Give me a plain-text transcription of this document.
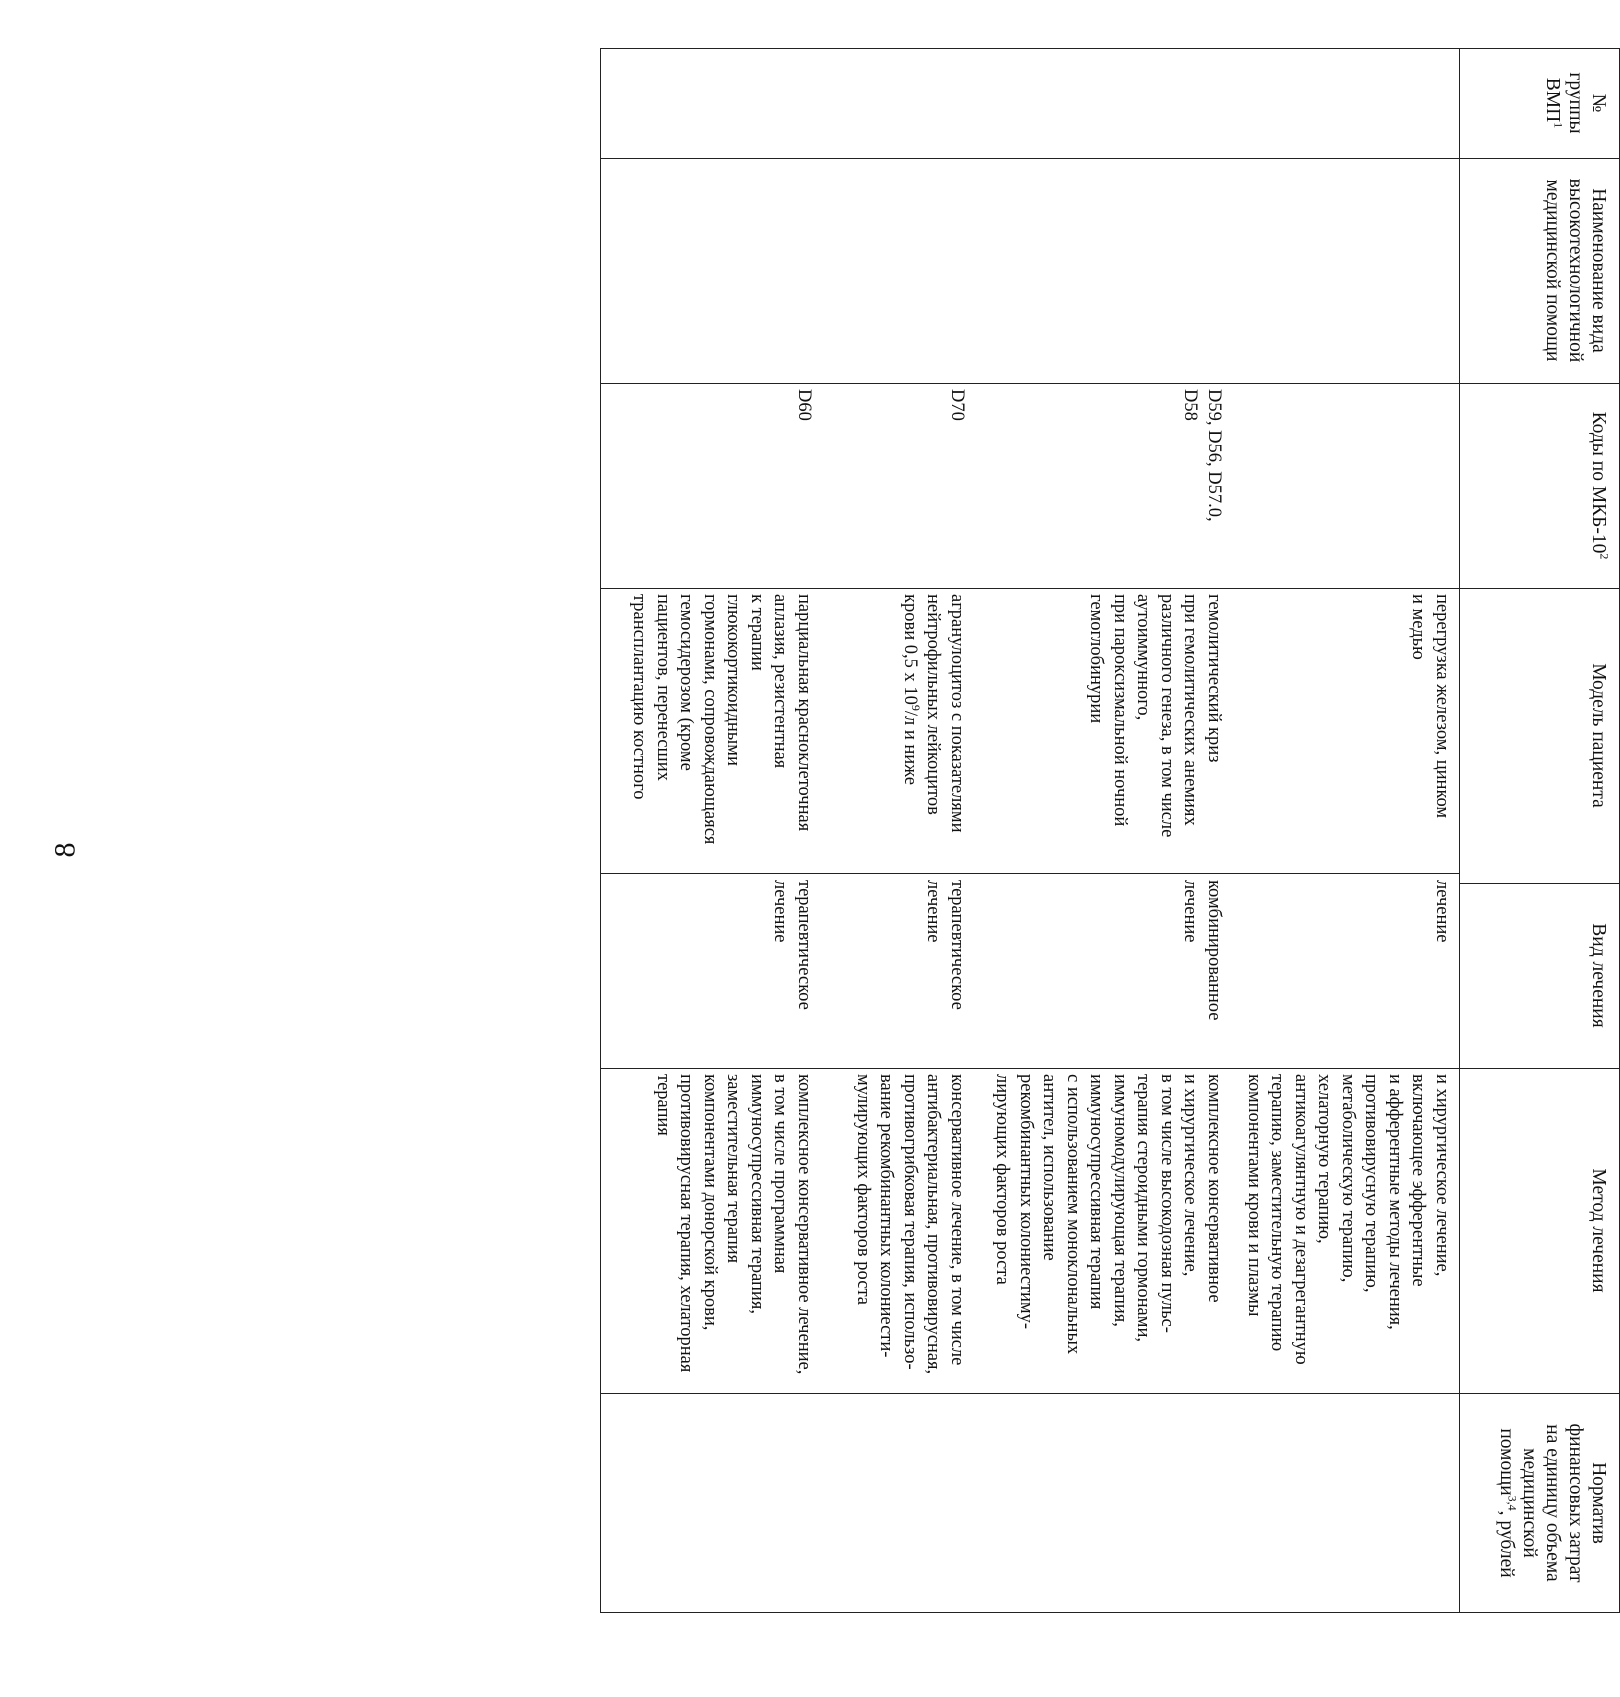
8
№
группы
ВМП$^1$
Наименование вида
высокотехнологичной
медицинской помощи
Коды по МКБ-$10^2$
Модель пациента
Вид лечения
Метод лечения
Норматив
финансовых затрат
на единицу объема
медицинской
помощи$^{3,4}$, рублей
перегрузка железом, цинком
и медью
лечение
и хирургическое лечение,
включающее эфферентные
и афферентные методы лечения,
противовирусную терапию,
метаболическую терапию,
хелаторную терапию,
антикоагулянтную и дезагрегантную
терапию, заместительную терапию
компонентами крови и плазмы
D59, D56, D57.0,
D58
гемолитический криз
при гемолитических анемиях
различного генеза, в том числе
аутоиммунного,
при пароксизмальной ночной
гемоглобинурии
комбинированное
лечение
комплексное консервативное
и хирургическое лечение,
в том числе высокодозная пульс-
терапия стероидными гормонами,
иммуномодулирующая терапия,
иммуносупрессивная терапия
с использованием моноклональных
антител, использование
рекомбинантных колониестиму-
лирующих факторов роста
D70
агранулоцитоз с показателями
нейтрофильных лейкоцитов
крови 0,5 х $10^9/л$ и ниже
терапевтическое
лечение
консервативное лечение, в том числе
антибактериальная, противовирусная,
противогрибковая терапия, использо-
вание рекомбинантных колониести-
мулирующих факторов роста
D60
парциальная красноклеточная
аплазия, резистентная
к терапии
глюкокортикоидными
гормонами, сопровождающаяся
гемосидерозом (кроме
пациентов, перенесших
трансплантацию костного
терапевтическое
лечение
комплексное консервативное лечение,
в том числе программная
иммуносупрессивная терапия,
заместительная терапия
компонентами донорской крови,
противовирусная терапия, хелаторная
терапия
